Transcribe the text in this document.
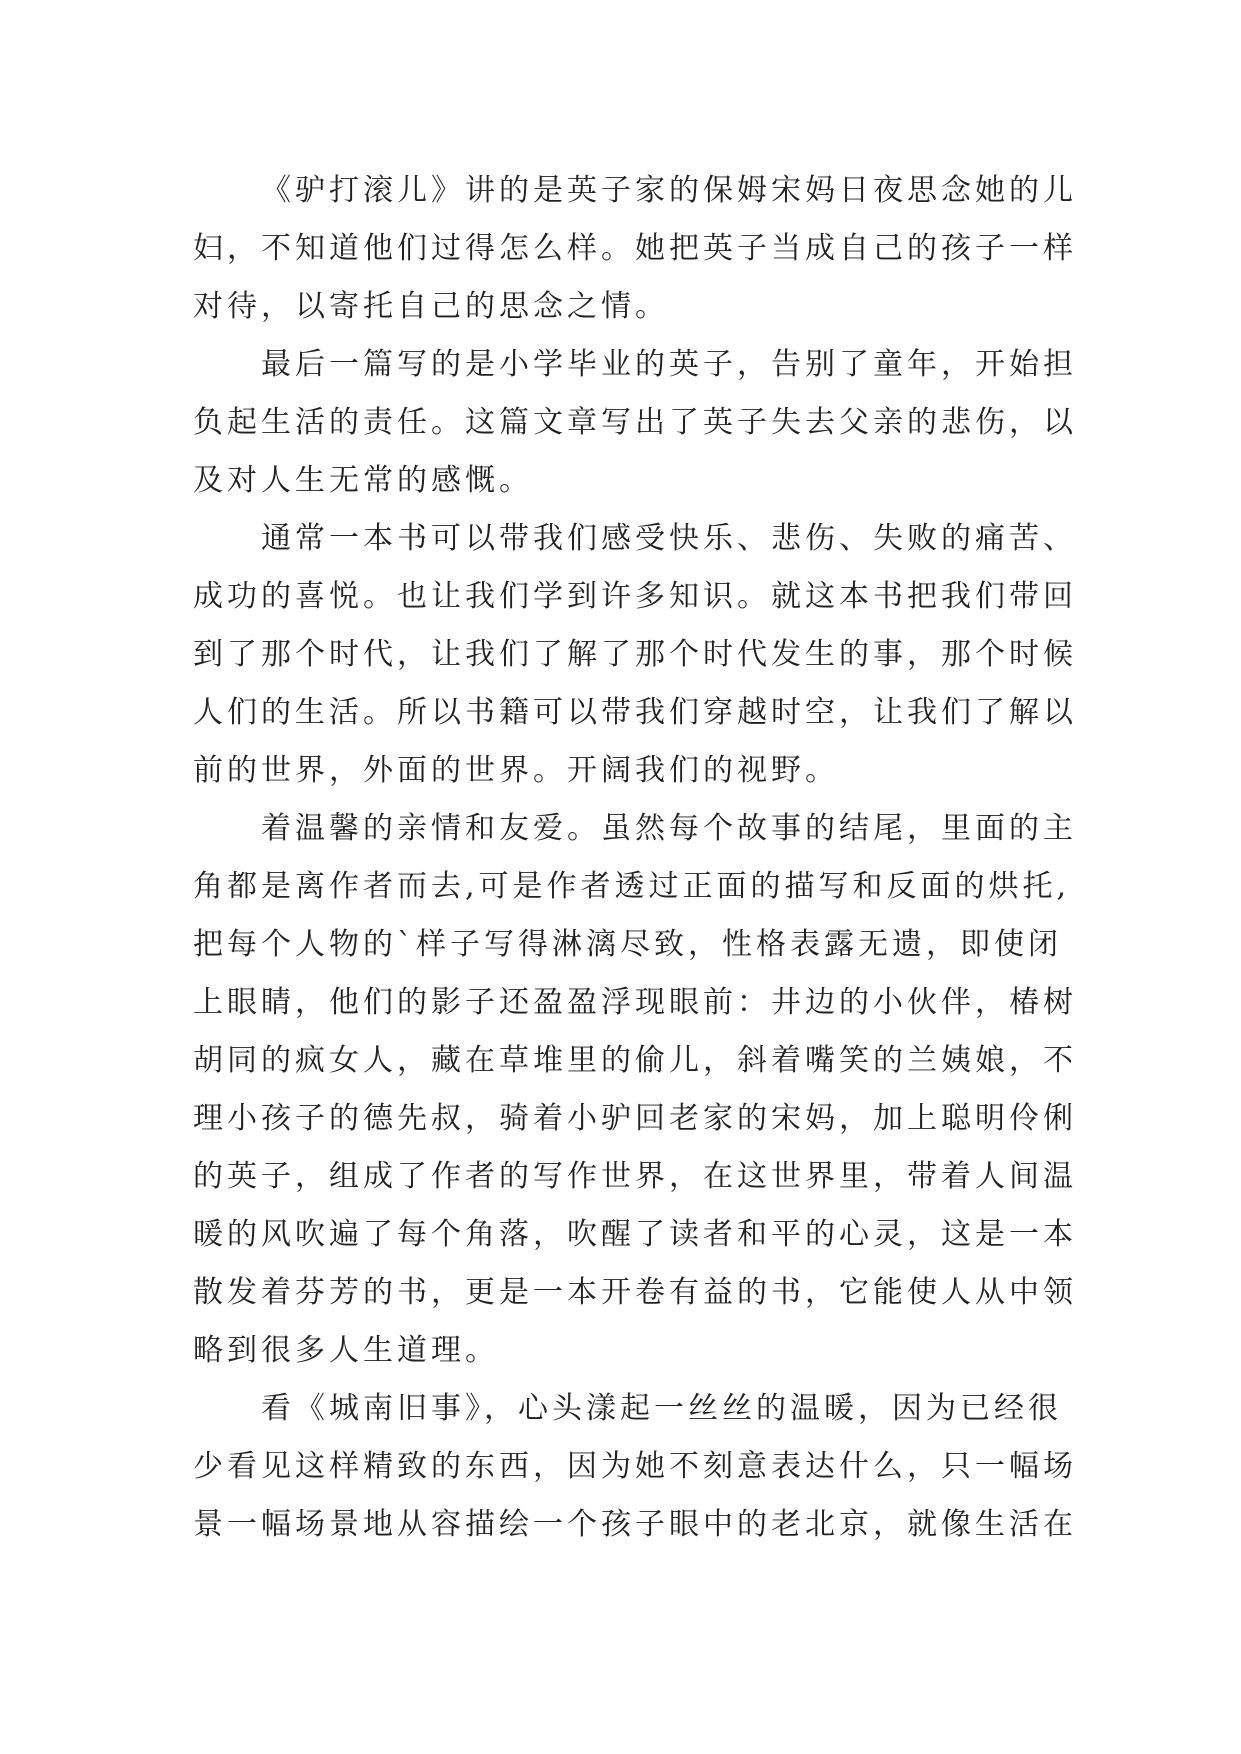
《驴打滚儿》讲的是英子家的保姆宋妈日夜思念她的儿
妇，不知道他们过得怎么样。她把英子当成自己的孩子一样
对待，以寄托自己的思念之情。
最后一篇写的是小学毕业的英子，告别了童年，开始担
负起生活的责任。这篇文章写出了英子失去父亲的悲伤，以
及对人生无常的感慨。
通常一本书可以带我们感受快乐、悲伤、失败的痛苦、
成功的喜悦。也让我们学到许多知识。就这本书把我们带回
到了那个时代，让我们了解了那个时代发生的事，那个时候
人们的生活。所以书籍可以带我们穿越时空，让我们了解以
前的世界，外面的世界。开阔我们的视野。
着温馨的亲情和友爱。虽然每个故事的结尾，里面的主
角都是离作者而去,可是作者透过正面的描写和反面的烘托,
把每个人物的`样子写得淋漓尽致，性格表露无遗，即使闭
上眼睛，他们的影子还盈盈浮现眼前：井边的小伙伴，椿树
胡同的疯女人，藏在草堆里的偷儿，斜着嘴笑的兰姨娘，不
理小孩子的德先叔，骑着小驴回老家的宋妈，加上聪明伶俐
的英子，组成了作者的写作世界，在这世界里，带着人间温
暖的风吹遍了每个角落，吹醒了读者和平的心灵，这是一本
散发着芬芳的书，更是一本开卷有益的书，它能使人从中领
略到很多人生道理。
看《城南旧事》，心头漾起一丝丝的温暖，因为已经很
少看见这样精致的东西，因为她不刻意表达什么，只一幅场
景一幅场景地从容描绘一个孩子眼中的老北京，就像生活在
